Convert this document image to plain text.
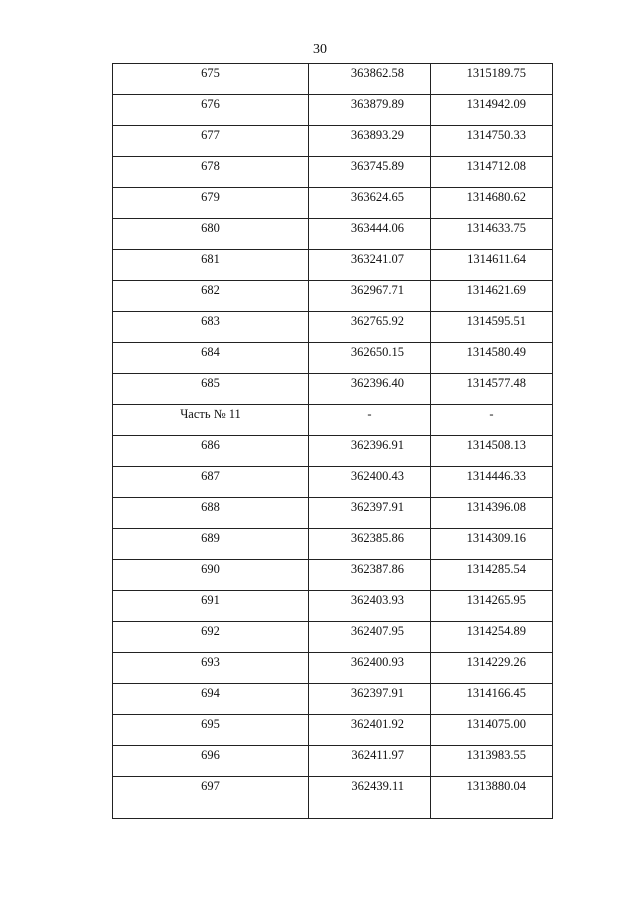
30
675	363862.58	1315189.75
676	363879.89	1314942.09
677	363893.29	1314750.33
678	363745.89	1314712.08
679	363624.65	1314680.62
680	363444.06	1314633.75
681	363241.07	1314611.64
682	362967.71	1314621.69
683	362765.92	1314595.51
684	362650.15	1314580.49
685	362396.40	1314577.48
Часть № 11	-	-
686	362396.91	1314508.13
687	362400.43	1314446.33
688	362397.91	1314396.08
689	362385.86	1314309.16
690	362387.86	1314285.54
691	362403.93	1314265.95
692	362407.95	1314254.89
693	362400.93	1314229.26
694	362397.91	1314166.45
695	362401.92	1314075.00
696	362411.97	1313983.55
697	362439.11	1313880.04
